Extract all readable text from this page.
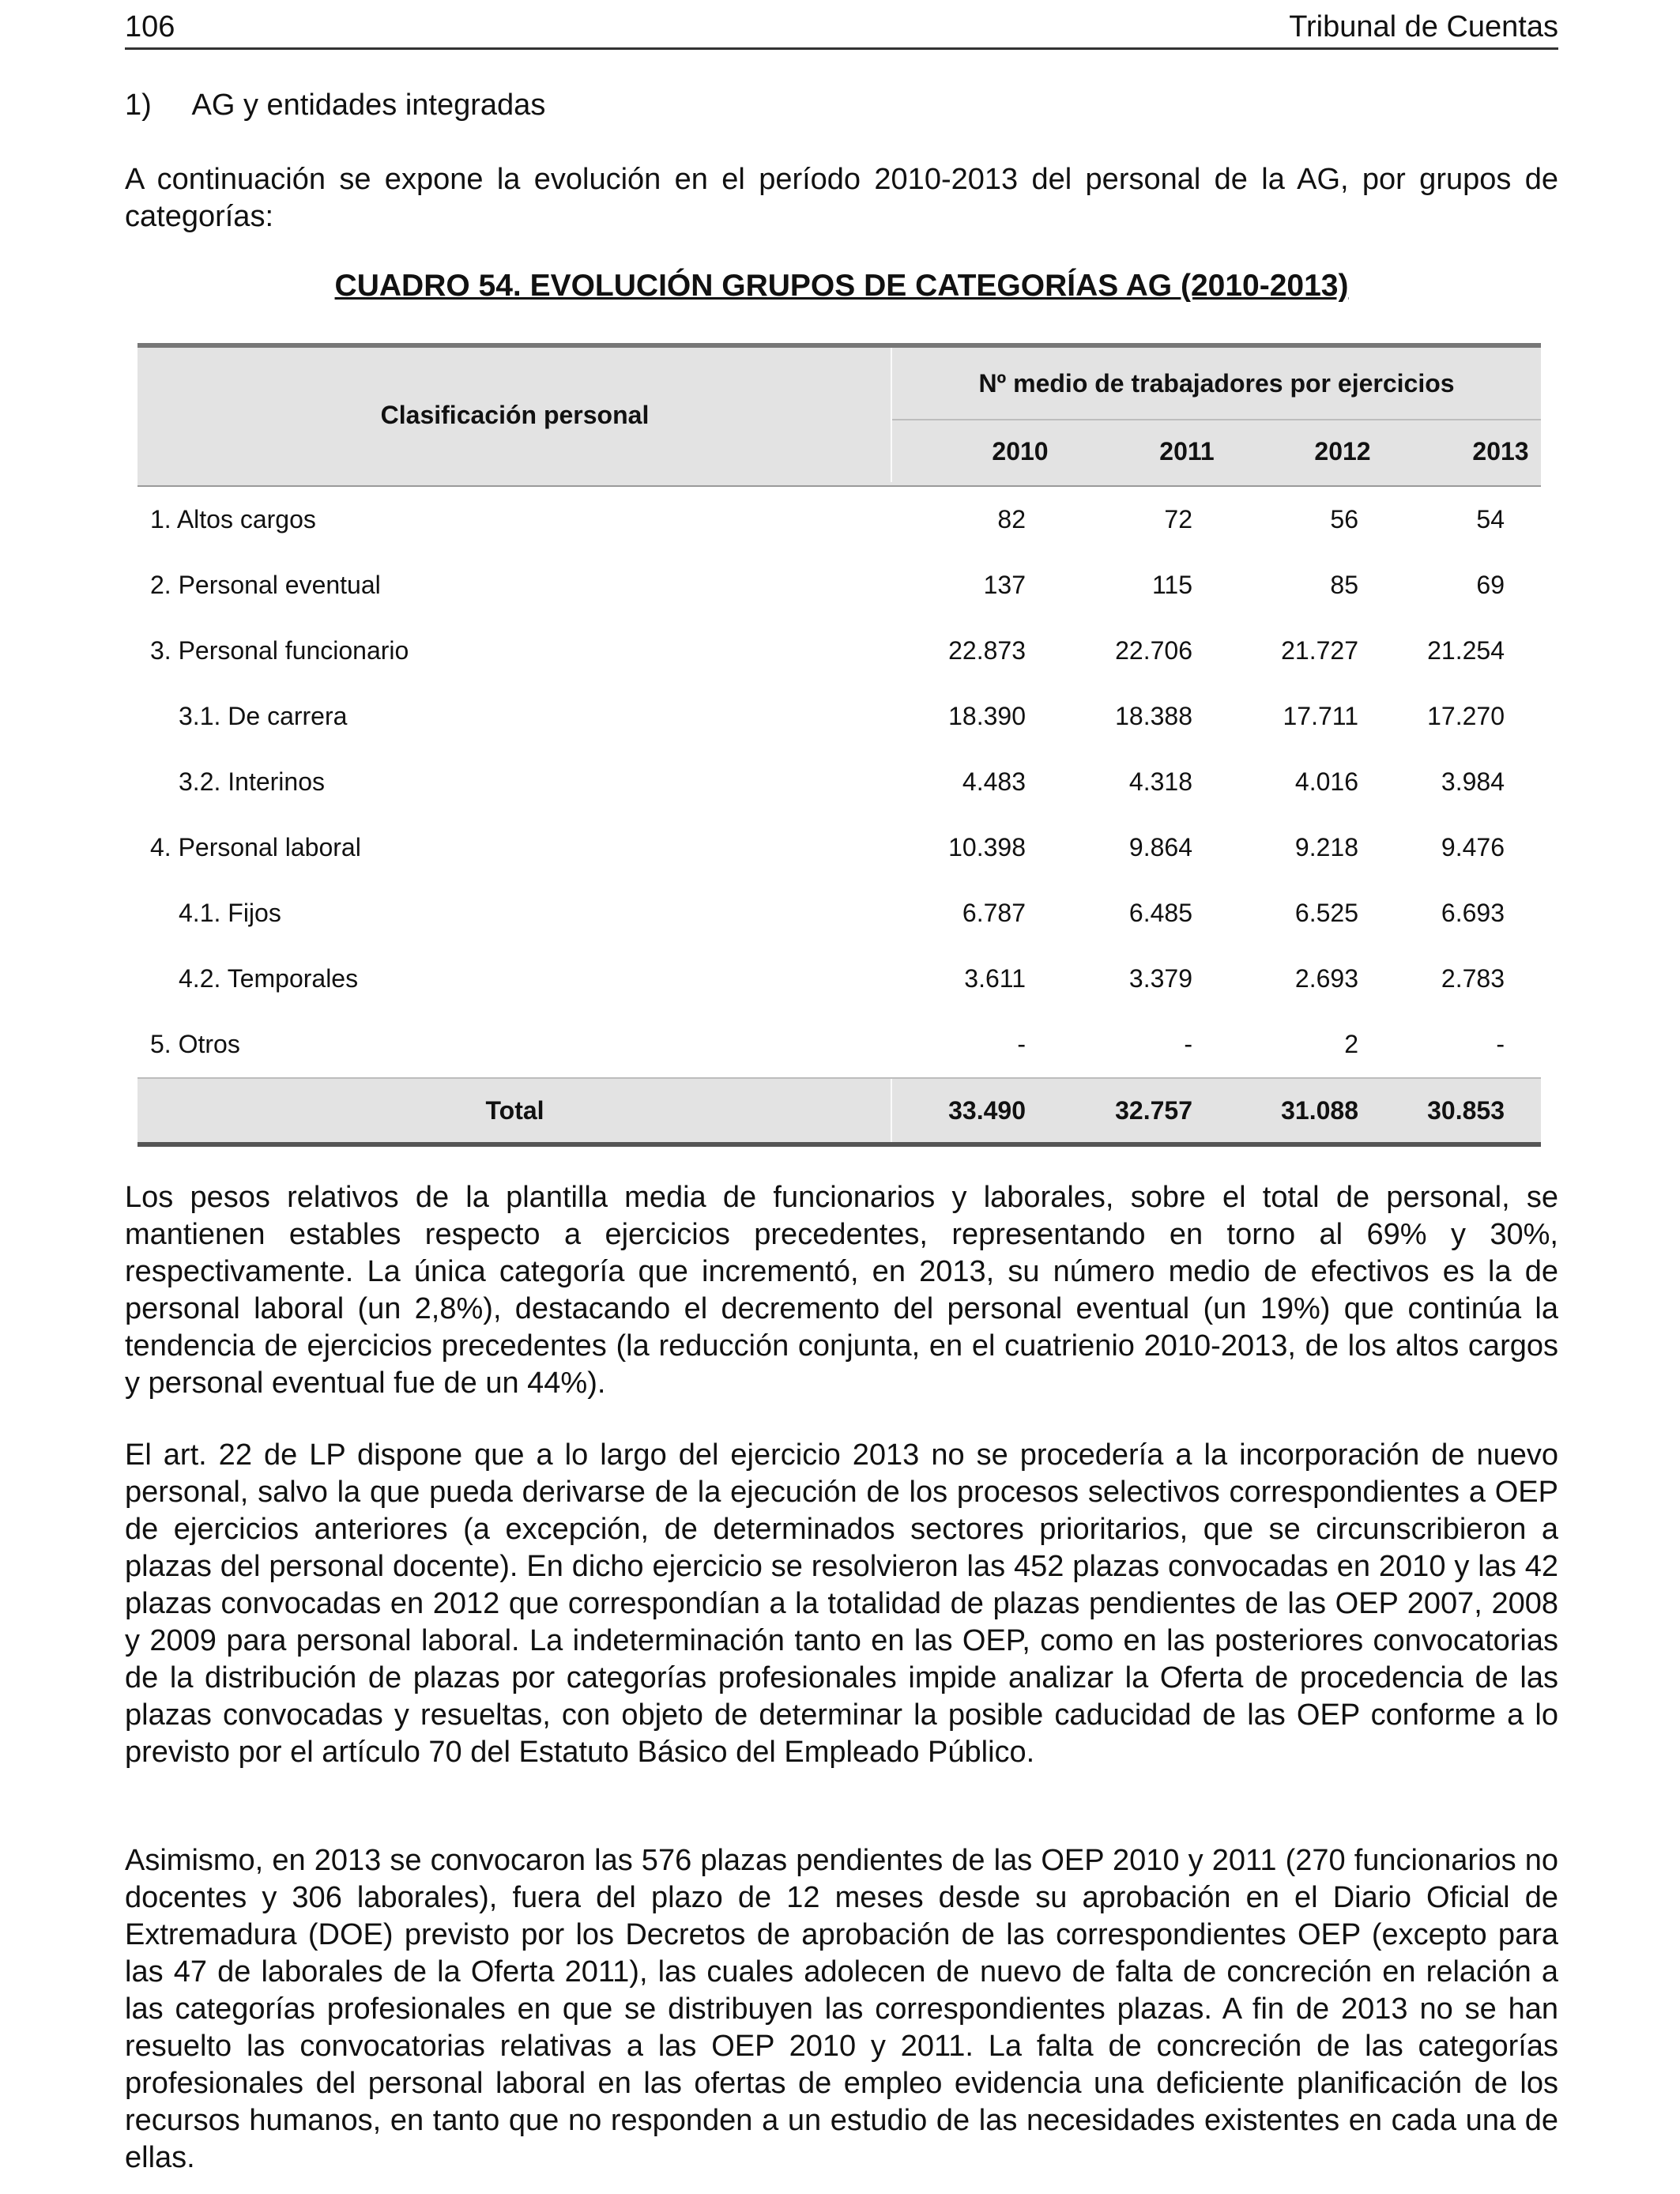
106	Tribunal de Cuentas
1)     AG y entidades integradas

A continuación se expone la evolución en el período 2010-2013 del personal de la AG, por grupos de categorías:

CUADRO 54. EVOLUCIÓN GRUPOS DE CATEGORÍAS AG (2010-2013)
Clasificación personal
Nº medio de trabajadores por ejercicios
2010	2011	2012	2013
1. Altos cargos	82	72	56	54
2. Personal eventual	137	115	85	69
3. Personal funcionario	22.873	22.706	21.727	21.254
3.1. De carrera	18.390	18.388	17.711	17.270
3.2. Interinos	4.483	4.318	4.016	3.984
4. Personal laboral	10.398	9.864	9.218	9.476
4.1. Fijos	6.787	6.485	6.525	6.693
4.2. Temporales	3.611	3.379	2.693	2.783
5. Otros	-	-	2	-
Total	33.490	32.757	31.088	30.853

Los pesos relativos de la plantilla media de funcionarios y laborales, sobre el total de personal, se mantienen estables respecto a ejercicios precedentes, representando en torno al 69% y 30%, respectivamente. La única categoría que incrementó, en 2013, su número medio de efectivos es la de personal laboral (un 2,8%), destacando el decremento del personal eventual (un 19%) que continúa la tendencia de ejercicios precedentes (la reducción conjunta, en el cuatrienio 2010-2013, de los altos cargos y personal eventual fue de un 44%).

El art. 22 de LP dispone que a lo largo del ejercicio 2013 no se procedería a la incorporación de nuevo personal, salvo la que pueda derivarse de la ejecución de los procesos selectivos correspondientes a OEP de ejercicios anteriores (a excepción, de determinados sectores prioritarios, que se circunscribieron a plazas del personal docente). En dicho ejercicio se resolvieron las 452 plazas convocadas en 2010 y las 42 plazas convocadas en 2012 que correspondían a la totalidad de plazas pendientes de las OEP 2007, 2008 y 2009 para personal laboral. La indeterminación tanto en las OEP, como en las posteriores convocatorias de la distribución de plazas por categorías profesionales impide analizar la Oferta de procedencia de las plazas convocadas y resueltas, con objeto de determinar la posible caducidad de las OEP conforme a lo previsto por el artículo 70 del Estatuto Básico del Empleado Público.

Asimismo, en 2013 se convocaron las 576 plazas pendientes de las OEP 2010 y 2011 (270 funcionarios no docentes y 306 laborales), fuera del plazo de 12 meses desde su aprobación en el Diario Oficial de Extremadura (DOE) previsto por los Decretos de aprobación de las correspondientes OEP (excepto para las 47 de laborales de la Oferta 2011), las cuales adolecen de nuevo de falta de concreción en relación a las categorías profesionales en que se distribuyen las correspondientes plazas. A fin de 2013 no se han resuelto las convocatorias relativas a las OEP 2010 y 2011. La falta de concreción de las categorías profesionales del personal laboral en las ofertas de empleo evidencia una deficiente planificación de los recursos humanos, en tanto que no responden a un estudio de las necesidades existentes en cada una de ellas.
